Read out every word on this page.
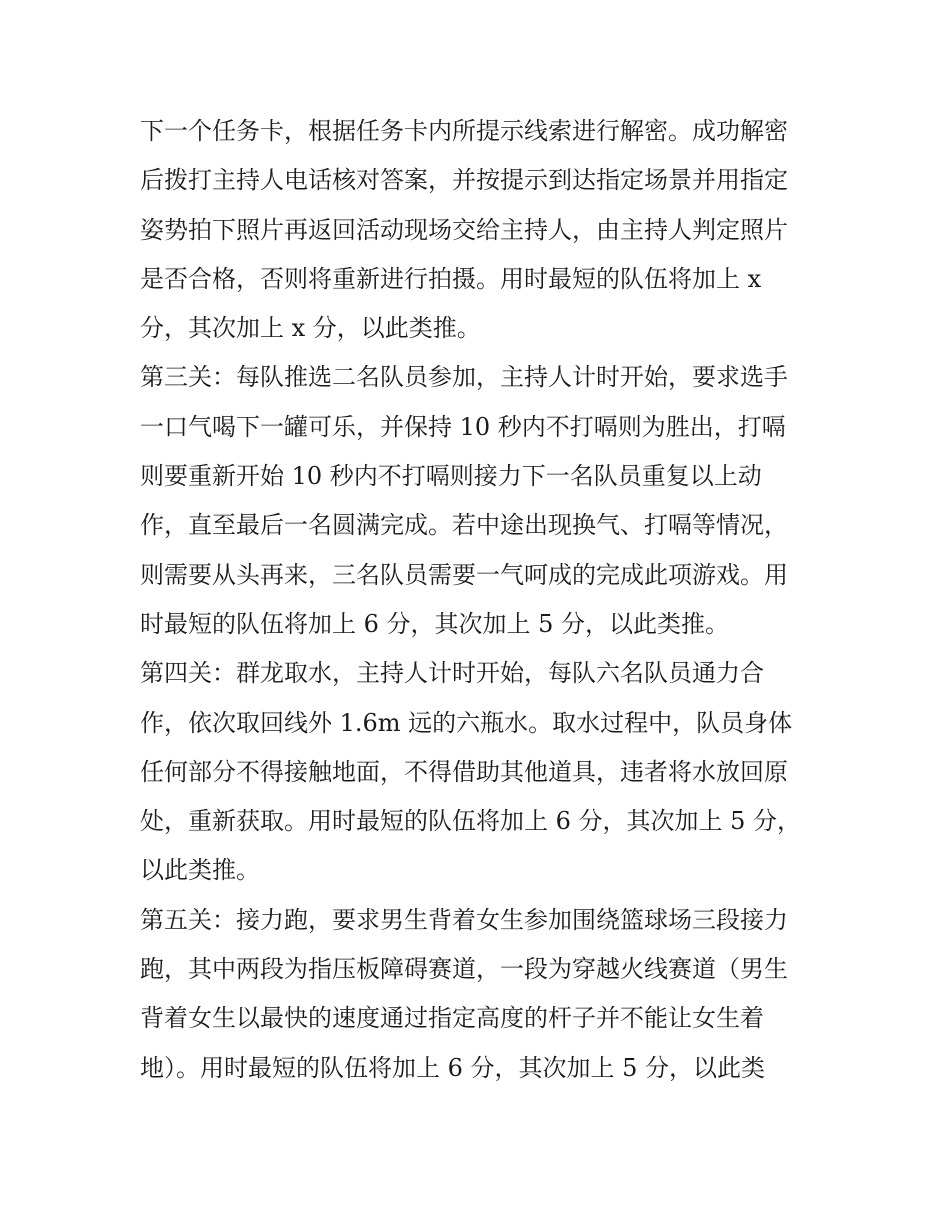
下一个任务卡，根据任务卡内所提示线索进行解密。成功解密
后拨打主持人电话核对答案，并按提示到达指定场景并用指定
姿势拍下照片再返回活动现场交给主持人，由主持人判定照片
是否合格，否则将重新进行拍摄。用时最短的队伍将加上 x
分，其次加上 x 分，以此类推。
第三关：每队推选二名队员参加，主持人计时开始，要求选手
一口气喝下一罐可乐，并保持 10 秒内不打嗝则为胜出，打嗝
则要重新开始 10 秒内不打嗝则接力下一名队员重复以上动
作，直至最后一名圆满完成。若中途出现换气、打嗝等情况，
则需要从头再来，三名队员需要一气呵成的完成此项游戏。用
时最短的队伍将加上 6 分，其次加上 5 分，以此类推。
第四关：群龙取水，主持人计时开始，每队六名队员通力合
作，依次取回线外 1.6m 远的六瓶水。取水过程中，队员身体
任何部分不得接触地面，不得借助其他道具，违者将水放回原
处，重新获取。用时最短的队伍将加上 6 分，其次加上 5 分，
以此类推。
第五关：接力跑，要求男生背着女生参加围绕篮球场三段接力
跑，其中两段为指压板障碍赛道，一段为穿越火线赛道（男生
背着女生以最快的速度通过指定高度的杆子并不能让女生着
地）。用时最短的队伍将加上 6 分，其次加上 5 分，以此类
